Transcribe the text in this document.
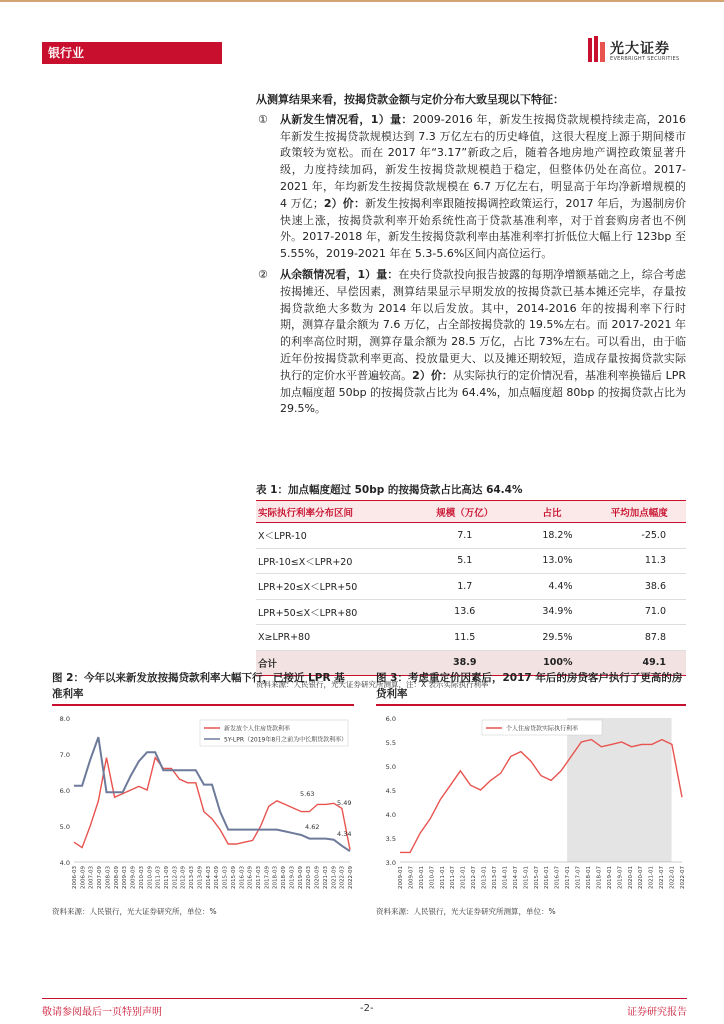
银行业	光大证券
EVERBRIGHT SECURITIES
从测算结果来看，按揭贷款金额与定价分布大致呈现以下特征：
① 从新发生情况看，1）量：2009-2016 年，新发生按揭贷款规模持续走高，2016 年新发生按揭贷款规模达到 7.3 万亿左右的历史峰值，这很大程度上源于期间楼市政策较为宽松。而在 2017 年“3.17”新政之后，随着各地房地产调控政策显著升级，力度持续加码，新发生按揭贷款规模趋于稳定，但整体仍处在高位。2017-2021 年，年均新发生按揭贷款规模在 6.7 万亿左右，明显高于年均净新增规模的 4 万亿；2）价：新发生按揭利率跟随按揭调控政策运行，2017 年后，为遏制房价快速上涨，按揭贷款利率开始系统性高于贷款基准利率，对于首套购房者也不例外。2017-2018 年，新发生按揭贷款利率由基准利率打折低位大幅上行 123bp 至 5.55%，2019-2021 年在 5.3-5.6%区间内高位运行。
② 从余额情况看，1）量：在央行贷款投向报告披露的每期净增额基础之上，综合考虑按揭摊还、早偿因素，测算结果显示早期发放的按揭贷款已基本摊还完毕，存量按揭贷款绝大多数为 2014 年以后发放。其中，2014-2016 年的按揭利率下行时期，测算存量余额为 7.6 万亿，占全部按揭贷款的 19.5%左右。而 2017-2021 年的利率高位时期，测算存量余额为 28.5 万亿，占比 73%左右。可以看出，由于临近年份按揭贷款利率更高、投放量更大、以及摊还期较短，造成存量按揭贷款实际执行的定价水平普遍较高。2）价：从实际执行的定价情况看，基准利率换锚后 LPR 加点幅度超 50bp 的按揭贷款占比为 64.4%，加点幅度超 80bp 的按揭贷款占比为 29.5%。
表 1：加点幅度超过 50bp 的按揭贷款占比高达 64.4%
实际执行利率分布区间	规模（万亿）	占比	平均加点幅度
X＜LPR-10	7.1	18.2%	-25.0
LPR-10≤X＜LPR+20	5.1	13.0%	11.3
LPR+20≤X＜LPR+50	1.7	4.4%	38.6
LPR+50≤X＜LPR+80	13.6	34.9%	71.0
X≥LPR+80	11.5	29.5%	87.8
合计	38.9	100%	49.1
资料来源：人民银行，光大证券研究所测算，注：X 表示实际执行利率
图 2：今年以来新发放按揭贷款利率大幅下行，已接近 LPR 基准利率
4.0
5.0
6.0
7.0
8.0
2006-03 2006-09 2007-03 2007-09 2008-03 2008-09 2009-03 2009-09 2010-03 2010-09 2011-03 2011-09 2012-03 2012-09 2013-03 2013-09 2014-03 2014-09 2015-03 2015-09 2016-03 2016-09 2017-03 2017-09 2018-03 2018-09 2019-03 2019-09 2020-03 2020-09 2021-03 2021-09 2022-03 2022-09
新发放个人住房贷款利率
5Y-LPR（2019年8月之前为中长期贷款利率）
5.63
5.49
4.62
4.34
资料来源：人民银行，光大证券研究所，单位：%
图 3：考虑重定价因素后，2017 年后的房贷客户执行了更高的房贷利率
3.0
3.5
4.0
4.5
5.0
5.5
6.0
2009-01 2009-07 2010-01 2010-07 2011-01 2011-07 2012-01 2012-07 2013-01 2013-07 2014-01 2014-07 2015-01 2015-07 2016-01 2016-07 2017-01 2017-07 2018-01 2018-07 2019-01 2019-07 2020-01 2020-07 2021-01 2021-07 2022-01 2022-07
个人住房贷款实际执行利率
资料来源：人民银行，光大证券研究所测算，单位：%
敬请参阅最后一页特别声明	-2-	证券研究报告
